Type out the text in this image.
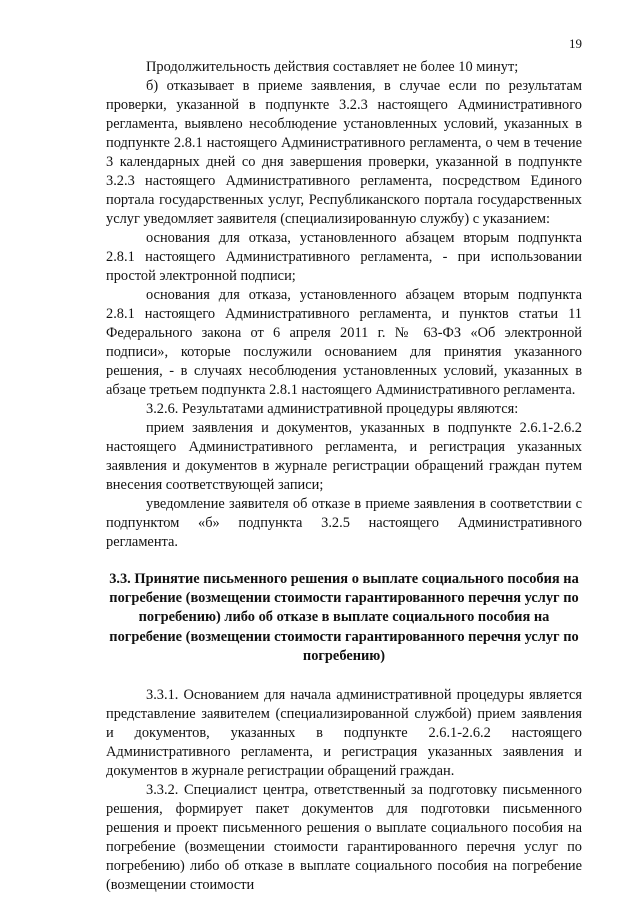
19

Продолжительность действия составляет не более 10 минут;

б) отказывает в приеме заявления, в случае если по результатам проверки, указанной в подпункте 3.2.3 настоящего Административного регламента, выявлено несоблюдение установленных условий, указанных в подпункте 2.8.1 настоящего Административного регламента, о чем в течение 3 календарных дней со дня завершения проверки, указанной в подпункте 3.2.3 настоящего Административного регламента, посредством Единого портала государственных услуг, Республиканского портала государственных услуг уведомляет заявителя (специализированную службу) с указанием:

основания для отказа, установленного абзацем вторым подпункта 2.8.1 настоящего Административного регламента, - при использовании простой электронной подписи;

основания для отказа, установленного абзацем вторым подпункта 2.8.1 настоящего Административного регламента, и пунктов статьи 11 Федерального закона от 6 апреля 2011 г. № 63-ФЗ «Об электронной подписи», которые послужили основанием для принятия указанного решения, - в случаях несоблюдения установленных условий, указанных в абзаце третьем подпункта 2.8.1 настоящего Административного регламента.

3.2.6. Результатами административной процедуры являются:

прием заявления и документов, указанных в подпункте 2.6.1-2.6.2 настоящего Административного регламента, и регистрация указанных заявления и документов в журнале регистрации обращений граждан путем внесения соответствующей записи;

уведомление заявителя об отказе в приеме заявления в соответствии с подпунктом «б» подпункта 3.2.5 настоящего Административного регламента.

3.3. Принятие письменного решения о выплате социального пособия на погребение (возмещении стоимости гарантированного перечня услуг по погребению) либо об отказе в выплате социального пособия на погребение (возмещении стоимости гарантированного перечня услуг по погребению)

3.3.1. Основанием для начала административной процедуры является представление заявителем (специализированной службой) прием заявления и документов, указанных в подпункте 2.6.1-2.6.2 настоящего Административного регламента, и регистрация указанных заявления и документов в журнале регистрации обращений граждан.

3.3.2. Специалист центра, ответственный за подготовку письменного решения, формирует пакет документов для подготовки письменного решения и проект письменного решения о выплате социального пособия на погребение (возмещении стоимости гарантированного перечня услуг по погребению) либо об отказе в выплате социального пособия на погребение (возмещении стоимости
